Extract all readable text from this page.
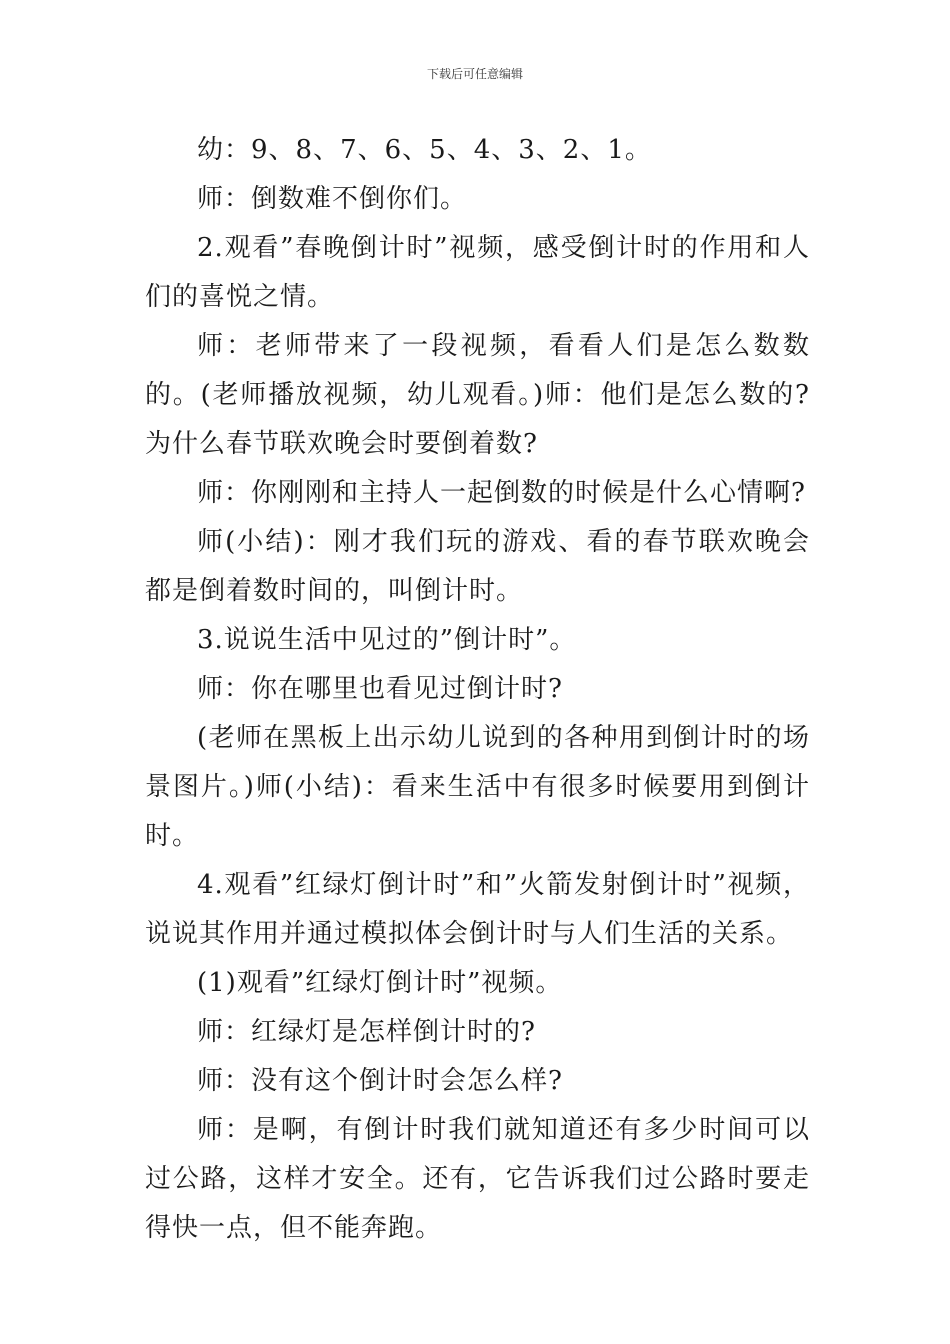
下载后可任意编辑

幼：9、8、7、6、5、4、3、2、1。

师：倒数难不倒你们。

2.观看”春晚倒计时”视频，感受倒计时的作用和人们的喜悦之情。

师：老师带来了一段视频，看看人们是怎么数数的。(老师播放视频，幼儿观看。)师：他们是怎么数的?为什么春节联欢晚会时要倒着数?

师：你刚刚和主持人一起倒数的时候是什么心情啊?

师(小结)：刚才我们玩的游戏、看的春节联欢晚会都是倒着数时间的，叫倒计时。

3.说说生活中见过的”倒计时”。

师：你在哪里也看见过倒计时?

(老师在黑板上出示幼儿说到的各种用到倒计时的场景图片。)师(小结)：看来生活中有很多时候要用到倒计时。

4.观看”红绿灯倒计时”和”火箭发射倒计时”视频，说说其作用并通过模拟体会倒计时与人们生活的关系。

(1)观看”红绿灯倒计时”视频。

师：红绿灯是怎样倒计时的?

师：没有这个倒计时会怎么样?

师：是啊，有倒计时我们就知道还有多少时间可以过公路，这样才安全。还有，它告诉我们过公路时要走得快一点，但不能奔跑。
